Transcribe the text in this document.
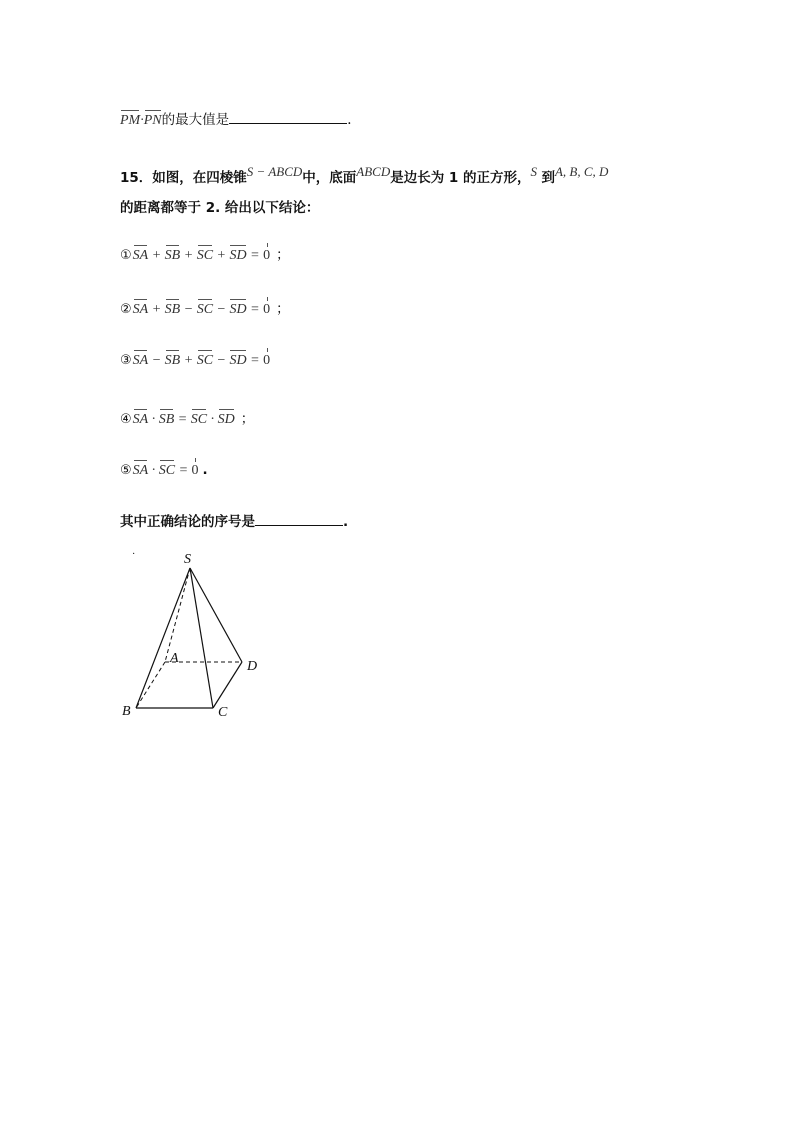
PM·PN的最大值是	.
15．如图，在四棱锥S − ABCD中，底面ABCD是边长为 1 的正方形，S 到A, B, C, D
的距离都等于 2. 给出以下结论：
①SA + SB + SC + SD = 0 ；
②SA + SB − SC − SD = 0 ；
③SA − SB + SC − SD = 0
④SA · SB = SC · SD ；
⑤SA · SC = 0 .
其中正确结论的序号是	.
·	S
A
B	C
D
